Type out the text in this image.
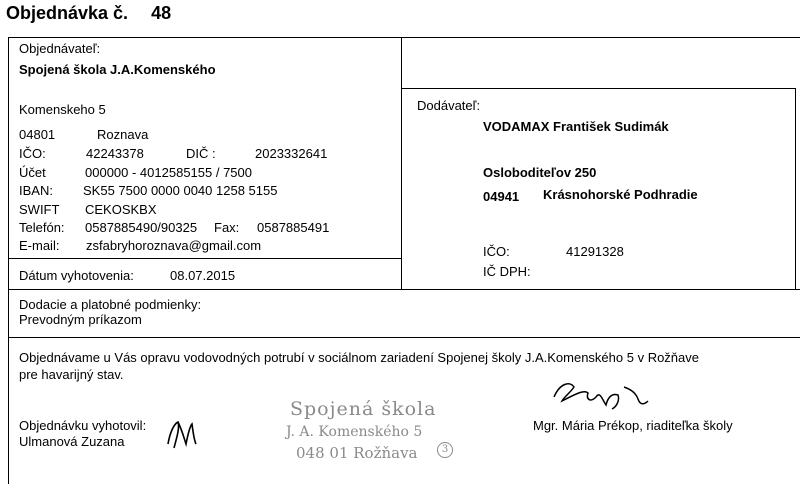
Objednávka č. 48
Objednávateľ:
Spojená škola J.A.Komenského
Komenskeho 5
04801	Roznava
IČO:	42243378	DIČ :	2023332641
Účet	000000 - 4012585155 / 7500
IBAN: SK55 7500 0000 0040 1258 5155
SWIFT CEKOSKBX
Telefón: 0587885490/90325 Fax: 0587885491
E-mail: zsfabryhoroznava@gmail.com
Dátum vyhotovenia:	08.07.2015
Dodávateľ:
VODAMAX František Sudimák
Osloboditeľov 250
04941 Krásnohorské Podhradie
IČO:	41291328
IČ DPH:
Dodacie a platobné podmienky:
Prevodným príkazom
Objednávame u Vás opravu vodovodných potrubí v sociálnom zariadení Spojenej školy J.A.Komenského 5 v Rožňave
pre havarijný stav.
Objednávku vyhotovil:
Ulmanová Zuzana
Mgr. Mária Prékop, riaditeľka školy
Spojená škola
J. A. Komenského 5
048 01 Rožňava	3
